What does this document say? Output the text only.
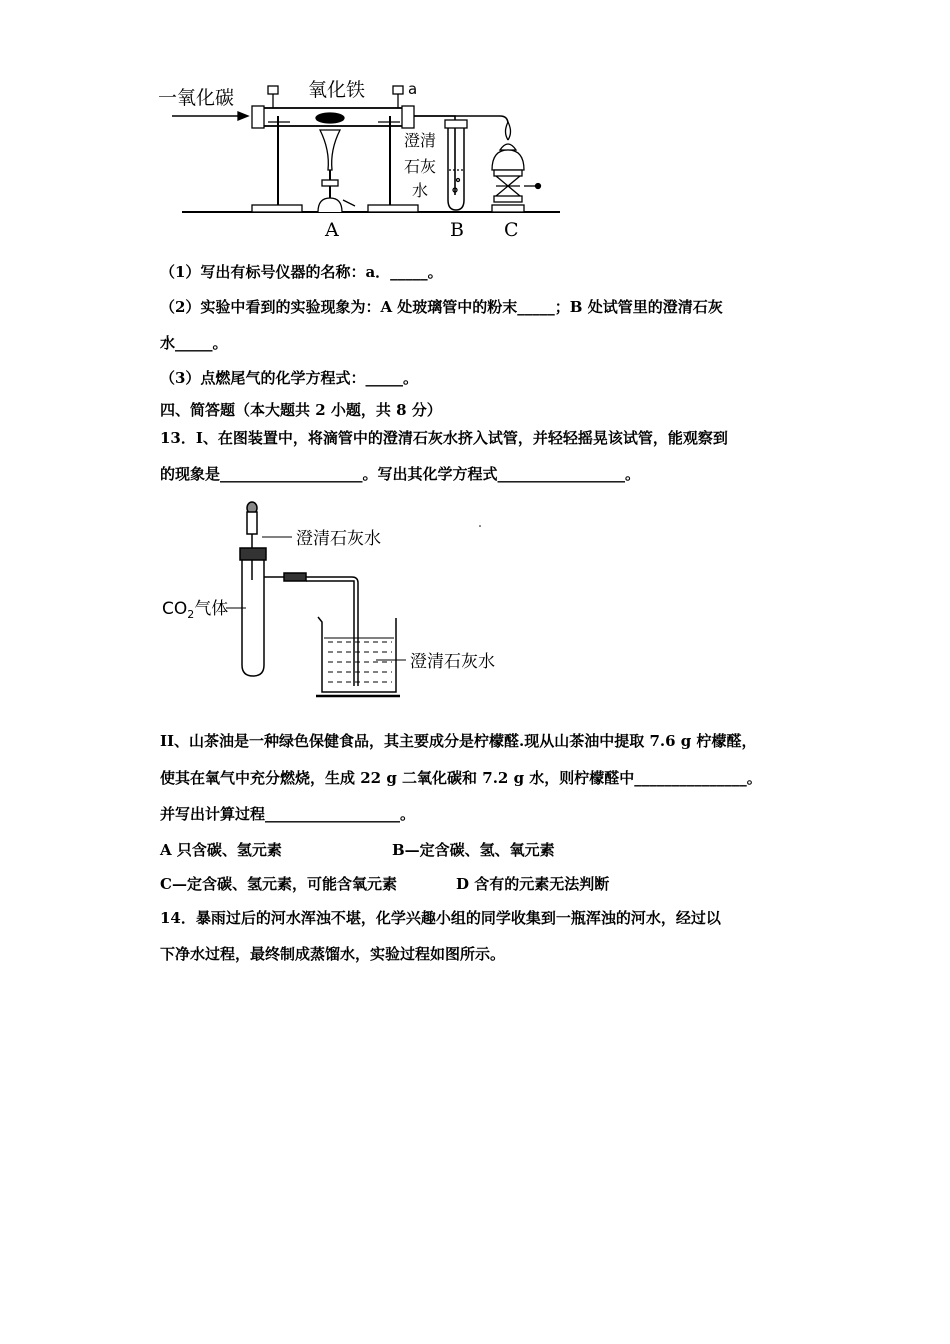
一氧化碳	氧化铁	a
澄清
石灰
水
A	B C
（1）写出有标号仪器的名称：a．_____。
（2）实验中看到的实验现象为：A 处玻璃管中的粉末_____；B 处试管里的澄清石灰
水_____。
（3）点燃尾气的化学方程式：_____。
四、简答题（本大题共 2 小题，共 8 分）
13．Ⅰ、在图装置中，将滴管中的澄清石灰水挤入试管，并轻轻摇晃该试管，能观察到
的现象是___________________。写出其化学方程式_________________。
澄清石灰水
$CO_2$气体
澄清石灰水
II、山茶油是一种绿色保健食品，其主要成分是柠檬醛.现从山茶油中提取 7.6 g 柠檬醛，
使其在氧气中充分燃烧，生成 22 g 二氧化碳和 7.2 g 水，则柠檬醛中_______________。
并写出计算过程__________________。
A 只含碳、氢元素	B—定含碳、氢、氧元素
C—定含碳、氢元素，可能含氧元素	D 含有的元素无法判断
14．暴雨过后的河水浑浊不堪，化学兴趣小组的同学收集到一瓶浑浊的河水，经过以
下净水过程，最终制成蒸馏水，实验过程如图所示。
